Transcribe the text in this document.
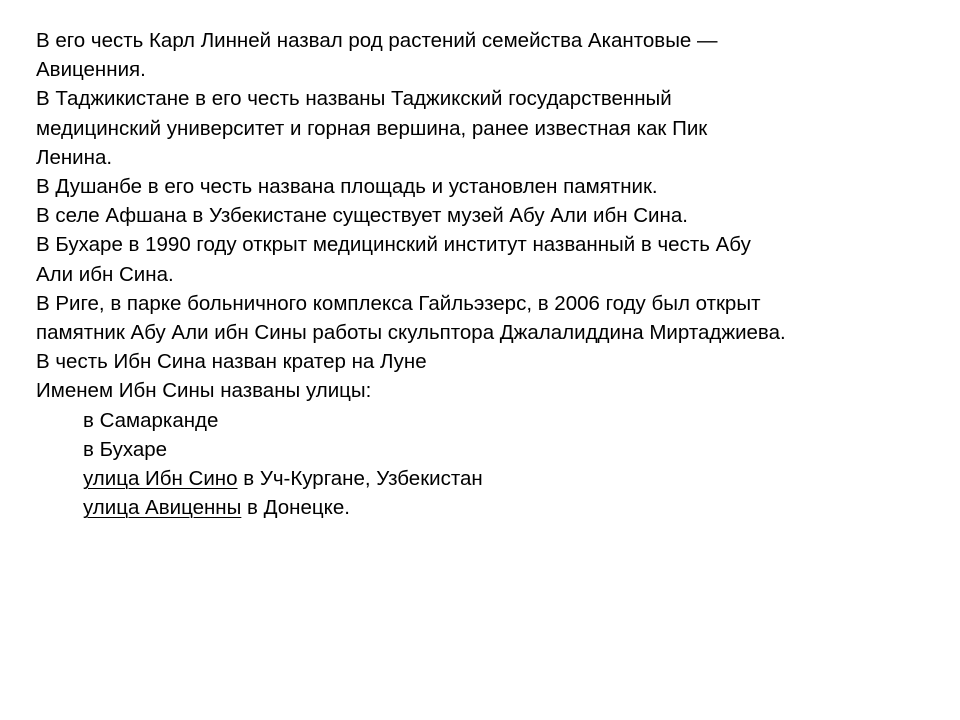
В его честь Карл Линней назвал род растений семейства Акантовые —
Авиценния.

В Таджикистане в его честь названы Таджикский государственный
медицинский университет и горная вершина, ранее известная как Пик
Ленина.

В Душанбе в его честь названа площадь и установлен памятник.

В селе Афшана в Узбекистане существует музей Абу Али ибн Сина.

В Бухаре в 1990 году открыт медицинский институт названный в честь Абу
Али ибн Сина.

В Риге, в парке больничного комплекса Гайльэзерс, в 2006 году был открыт
памятник Абу Али ибн Сины работы скульптора Джалалиддина Миртаджиева.

В честь Ибн Сина назван кратер на Луне

Именем Ибн Сины названы улицы:

в Самарканде

в Бухаре

улица Ибн Сино в Уч-Кургане, Узбекистан

улица Авиценны в Донецке.
